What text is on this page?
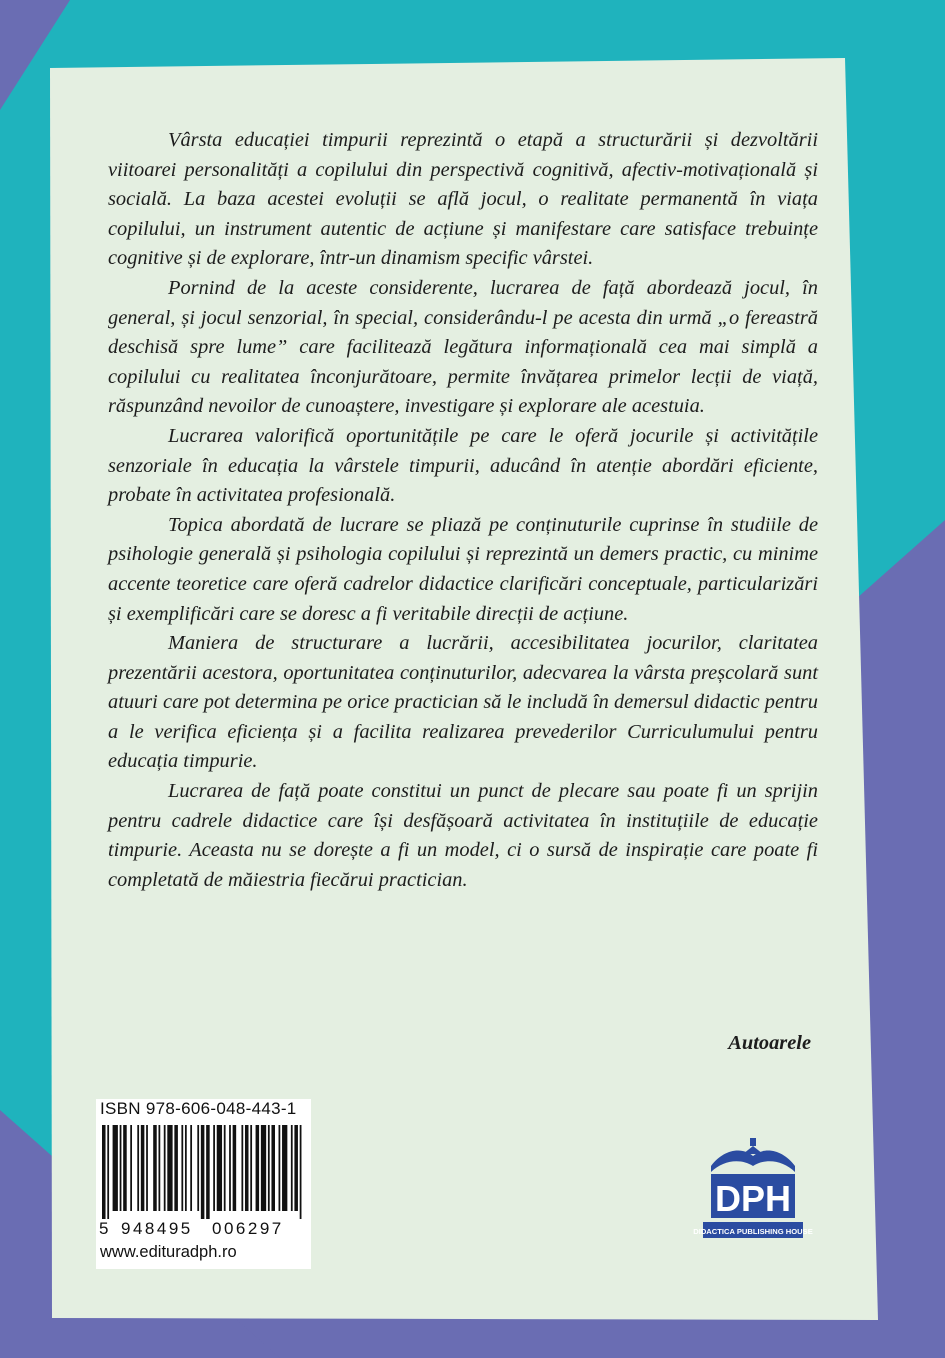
Vârsta educației timpurii reprezintă o etapă a structurării și dezvoltării viitoarei personalități a copilului din perspectivă cognitivă, afectiv-motivațională și socială. La baza acestei evoluții se află jocul, o realitate permanentă în viața copilului, un instrument autentic de acțiune și manifestare care satisface trebuințe cognitive și de explorare, într-un dinamism specific vârstei.

Pornind de la aceste considerente, lucrarea de față abordează jocul, în general, și jocul senzorial, în special, considerându-l pe acesta din urmă „o fereastră deschisă spre lume” care facilitează legătura informațională cea mai simplă a copilului cu realitatea înconjurătoare, permite învățarea primelor lecții de viață, răspunzând nevoilor de cunoaștere, investigare și explorare ale acestuia.

Lucrarea valorifică oportunitățile pe care le oferă jocurile și activitățile senzoriale în educația la vârstele timpurii, aducând în atenție abordări eficiente, probate în activitatea profesională.

Topica abordată de lucrare se pliază pe conținuturile cuprinse în studiile de psihologie generală și psihologia copilului și reprezintă un demers practic, cu minime accente teoretice care oferă cadrelor didactice clarificări conceptuale, particularizări și exemplificări care se doresc a fi veritabile direcții de acțiune.

Maniera de structurare a lucrării, accesibilitatea jocurilor, claritatea prezentării acestora, oportunitatea conținuturilor, adecvarea la vârsta preșcolară sunt atuuri care pot determina pe orice practician să le includă în demersul didactic pentru a le verifica eficiența și a facilita realizarea prevederilor Curriculumului pentru educația timpurie.

Lucrarea de față poate constitui un punct de plecare sau poate fi un sprijin pentru cadrele didactice care își desfășoară activitatea în instituțiile de educație timpurie. Aceasta nu se dorește a fi un model, ci o sursă de inspirație care poate fi completată de măiestria fiecărui practician.

Autoarele
ISBN 978-606-048-443-1
5 948495 006297
www.edituradph.ro
DPH
DIDACTICA PUBLISHING HOUSE
